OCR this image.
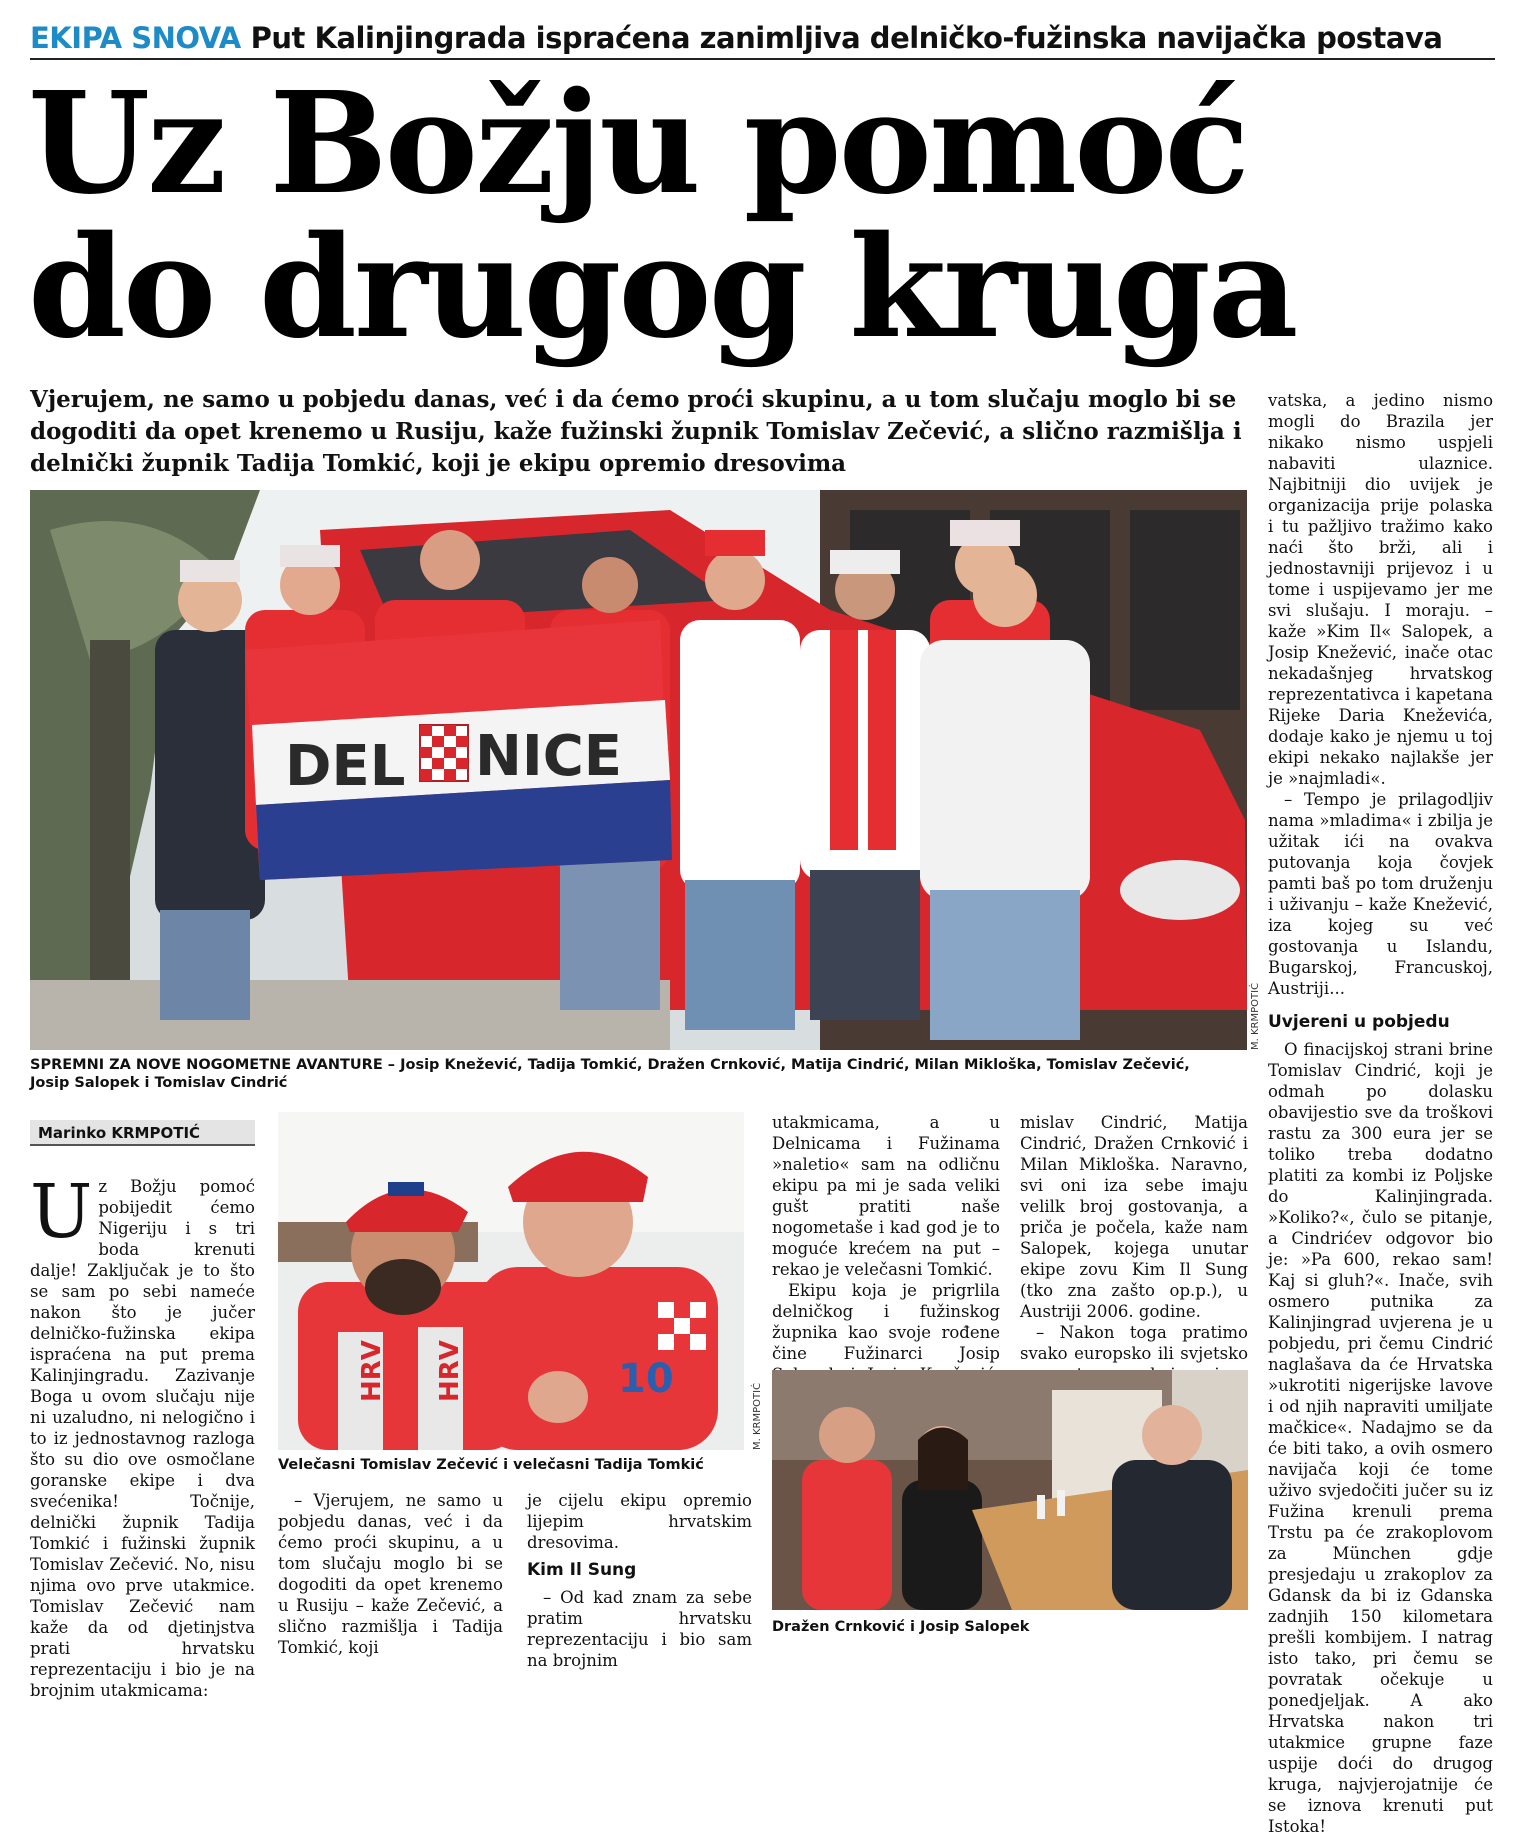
EKIPA SNOVA Put Kalinjingrada ispraćena zanimljiva delničko-fužinska navijačka postava
Uz Božju pomoć
do drugog kruga
Vjerujem, ne samo u pobjedu danas, već i da ćemo proći skupinu, a u tom slučaju moglo bi se dogoditi da opet krenemo u Rusiju, kaže fužinski župnik Tomislav Zečević, a slično razmišlja i delnički župnik Tadija Tomkić, koji je ekipu opremio dresovima
DEL NICE
M. KRMPOTIĆ
SPREMNI ZA NOVE NOGOMETNE AVANTURE – Josip Knežević, Tadija Tomkić, Dražen Crnković, Matija Cindrić, Milan Mikloška, Tomislav Zečević, Josip Salopek i Tomislav Cindrić
Marinko KRMPOTIĆ
Uz Božju pomoć pobijedit ćemo Nigeriju i s tri boda krenuti dalje! Zaključak je to što se sam po sebi nameće nakon što je jučer delničko-fužinska ekipa ispraćena na put prema Kalinjingradu. Zazivanje Boga u ovom slučaju nije ni uzaludno, ni nelogično i to iz jednostavnog razloga što su dio ove osmočlane goranske ekipe i dva svećenika! Točnije, delnički župnik Tadija Tomkić i fužinski župnik Tomislav Zečević. No, nisu njima ovo prve utakmice. Tomislav Zečević nam kaže da od djetinjstva prati hrvatsku reprezentaciju i bio je na brojnim utakmicama:
HRV HRV	10
M. KRMPOTIĆ
Velečasni Tomislav Zečević i velečasni Tadija Tomkić

– Vjerujem, ne samo u pobjedu danas, već i da ćemo proći skupinu, a u tom slučaju moglo bi se dogoditi da opet krenemo u Rusiju – kaže Zečević, a slično razmišlja i Tadija Tomkić, koji

je cijelu ekipu opremio lijepim hrvatskim dresovima.

Kim Il Sung

– Od kad znam za sebe pratim hrvatsku reprezentaciju i bio sam na brojnim

utakmicama, a u Delnicama i Fužinama »naletio« sam na odličnu ekipu pa mi je sada veliki gušt pratiti naše nogometaše i kad god je to moguće krećem na put – rekao je velečasni Tomkić.

Ekipu koja je prigrlila delničkog i fužinskog župnika kao svoje rođene čine Fužinarci Josip

mislav Cindrić, Matija Cindrić, Dražen Crnković i Milan Mikloška. Naravno, svi oni iza sebe imaju velilk broj gostovanja, a priča je počela, kaže nam Salopek, kojega unutar ekipe zovu Kim Il Sung (tko zna zašto op.p.), u Austriji 2006. godine.

– Nakon toga pratimo svako europsko ili svjetsko

Dražen Crnković i Josip Salopek

vatska, a jedino nismo mogli do Brazila jer nikako nismo uspjeli nabaviti ulaznice. Najbitniji dio uvijek je organizacija prije polaska i tu pažljivo tražimo kako naći što brži, ali i jednostavniji prijevoz i u tome i uspijevamo jer me svi slušaju. I moraju. – kaže »Kim Il« Salopek, a Josip Knežević, inače otac nekadašnjeg hrvatskog reprezentativca i kapetana Rijeke Daria Kneževića, dodaje kako je njemu u toj ekipi nekako najlakše jer je »najmladi«.

– Tempo je prilagodljiv nama »mladima« i zbilja je užitak ići na ovakva putovanja koja čovjek pamti baš po tom druženju i uživanju – kaže Knežević, iza kojeg su već gostovanja u Islandu, Bugarskoj, Francuskoj, Austriji...

Uvjereni u pobjedu

O finacijskoj strani brine Tomislav Cindrić, koji je odmah po dolasku obavijestio sve da troškovi rastu za 300 eura jer se toliko treba dodatno platiti za kombi iz Poljske do Kalinjingrada. »Koliko?«, čulo se pitanje, a Cindrićev odgovor bio je: »Pa 600, rekao sam! Kaj si gluh?«. Inače, svih osmero putnika za Kalinjingrad uvjerena je u pobjedu, pri čemu Cindrić naglašava da će Hrvatska »ukrotiti nigerijske lavove i od njih napraviti umiljate mačkice«. Nadajmo se da će biti tako, a ovih osmero navijača koji će tome uživo svjedočiti jučer su iz Fužina krenuli prema Trstu pa će zrakoplovom za München gdje presjedaju u zrakoplov za Gdansk da bi iz Gdanska zadnjih 150 kilometara prešli kombijem. I natrag isto tako, pri čemu se povratak očekuje u ponedjeljak. A ako Hrvatska nakon tri utakmice grupne faze uspije doći do drugog kruga, najvjerojatnije će se iznova krenuti put Istoka!
